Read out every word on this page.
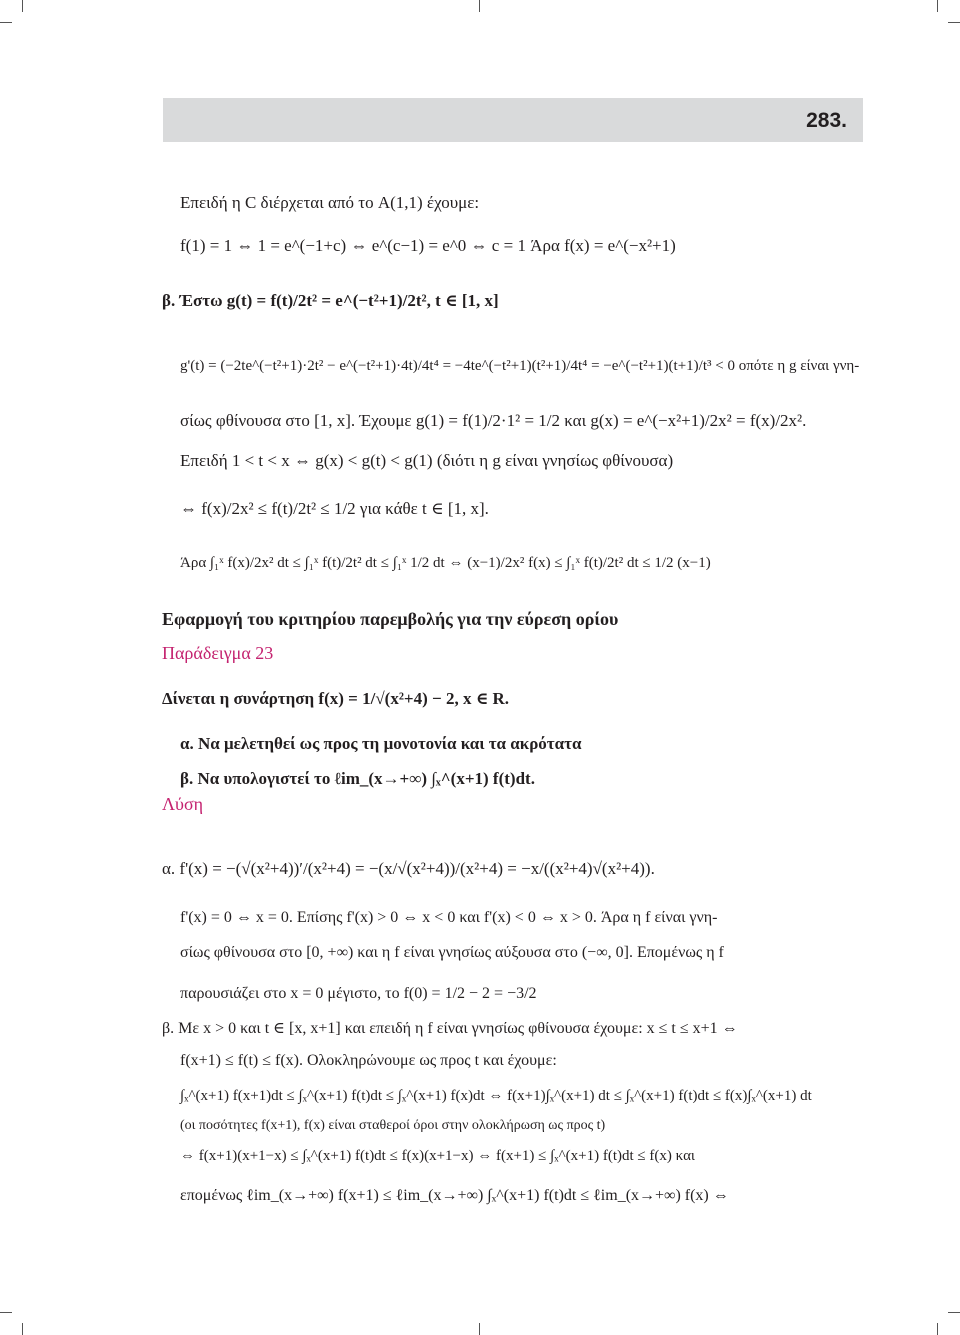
283.
Επειδή η C διέρχεται από το A(1,1) έχουμε:
f(1) = 1 ⇔ 1 = e^(−1+c) ⇔ e^(c−1) = e^0 ⇔ c = 1 Άρα f(x) = e^(−x²+1)
β. Έστω g(t) = f(t)/2t² = e^(−t²+1)/2t², t ∈ [1, x]
g'(t) = (−2te^(−t²+1)·2t² − e^(−t²+1)·4t)/4t⁴ = −4te^(−t²+1)(t²+1)/4t⁴ = −e^(−t²+1)(t+1)/t³ < 0 οπότε η g είναι γνη-
σίως φθίνουσα στο [1, x]. Έχουμε g(1) = f(1)/2·1² = 1/2 και g(x) = e^(−x²+1)/2x² = f(x)/2x².
Επειδή 1 < t < x ⇔ g(x) < g(t) < g(1) (διότι η g είναι γνησίως φθίνουσα)
⇔ f(x)/2x² ≤ f(t)/2t² ≤ 1/2 για κάθε t ∈ [1, x].
Άρα ∫₁ˣ f(x)/2x² dt ≤ ∫₁ˣ f(t)/2t² dt ≤ ∫₁ˣ 1/2 dt ⇔ (x−1)/2x² f(x) ≤ ∫₁ˣ f(t)/2t² dt ≤ 1/2 (x−1)
Εφαρμογή του κριτηρίου παρεμβολής για την εύρεση ορίου
Παράδειγμα 23
Δίνεται η συνάρτηση f(x) = 1/√(x²+4) − 2, x ∈ R.
α. Να μελετηθεί ως προς τη μονοτονία και τα ακρότατα
β. Να υπολογιστεί το ℓim_(x→+∞) ∫ₓ^(x+1) f(t)dt.
Λύση
α. f'(x) = −(√(x²+4))′/(x²+4) = −(x/√(x²+4))/(x²+4) = −x/((x²+4)√(x²+4)).
f'(x) = 0 ⇔ x = 0. Επίσης f'(x) > 0 ⇔ x < 0 και f'(x) < 0 ⇔ x > 0. Άρα η f είναι γνη-
σίως φθίνουσα στο [0, +∞) και η f είναι γνησίως αύξουσα στο (−∞, 0]. Επομένως η f
παρουσιάζει στο x = 0 μέγιστο, το f(0) = 1/2 − 2 = −3/2
β. Με x > 0 και t ∈ [x, x+1] και επειδή η f είναι γνησίως φθίνουσα έχουμε: x ≤ t ≤ x+1 ⇔
f(x+1) ≤ f(t) ≤ f(x). Ολοκληρώνουμε ως προς t και έχουμε:
∫ₓ^(x+1) f(x+1)dt ≤ ∫ₓ^(x+1) f(t)dt ≤ ∫ₓ^(x+1) f(x)dt ⇔ f(x+1)∫ₓ^(x+1) dt ≤ ∫ₓ^(x+1) f(t)dt ≤ f(x)∫ₓ^(x+1) dt
(οι ποσότητες f(x+1), f(x) είναι σταθεροί όροι στην ολοκλήρωση ως προς t)
⇔ f(x+1)(x+1−x) ≤ ∫ₓ^(x+1) f(t)dt ≤ f(x)(x+1−x) ⇔ f(x+1) ≤ ∫ₓ^(x+1) f(t)dt ≤ f(x) και
επομένως ℓim_(x→+∞) f(x+1) ≤ ℓim_(x→+∞) ∫ₓ^(x+1) f(t)dt ≤ ℓim_(x→+∞) f(x) ⇔
